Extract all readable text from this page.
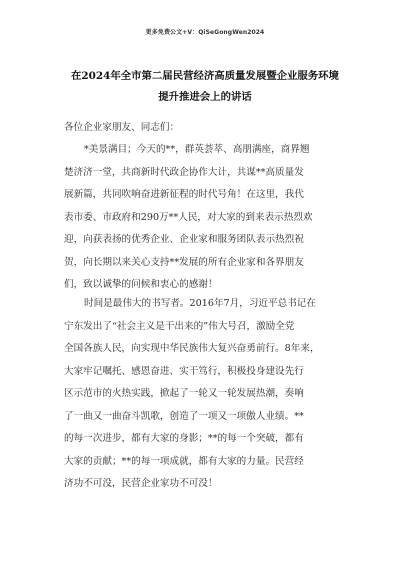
更多免费公文+V：QiSeGongWen2024
在2024年全市第二届民营经济高质量发展暨企业服务环境
提升推进会上的讲话
各位企业家朋友、同志们：
*美景满目；今天的**，群英荟萃、高朋满座，商界翘
楚济济一堂，共商新时代政企协作大计，共谋**高质量发
展新篇，共同吹响奋进新征程的时代号角！在这里，我代
表市委、市政府和290万**人民，对大家的到来表示热烈欢
迎，向获表扬的优秀企业、企业家和服务团队表示热烈祝
贺，向长期以来关心支持**发展的所有企业家和各界朋友
们，致以诚挚的问候和衷心的感谢！
时间是最伟大的书写者。2016年7月，习近平总书记在
宁东发出了“社会主义是干出来的”伟大号召，激励全党
全国各族人民，向实现中华民族伟大复兴奋勇前行。8年来，
大家牢记嘱托、感恩奋进、实干笃行，积极投身建设先行
区示范市的火热实践，掀起了一轮又一轮发展热潮，奏响
了一曲又一曲奋斗凯歌，创造了一项又一项傲人业绩。**
的每一次进步，都有大家的身影；**的每一个突破，都有
大家的贡献；**的每一项成就，都有大家的力量。民营经
济功不可没，民营企业家功不可没！
